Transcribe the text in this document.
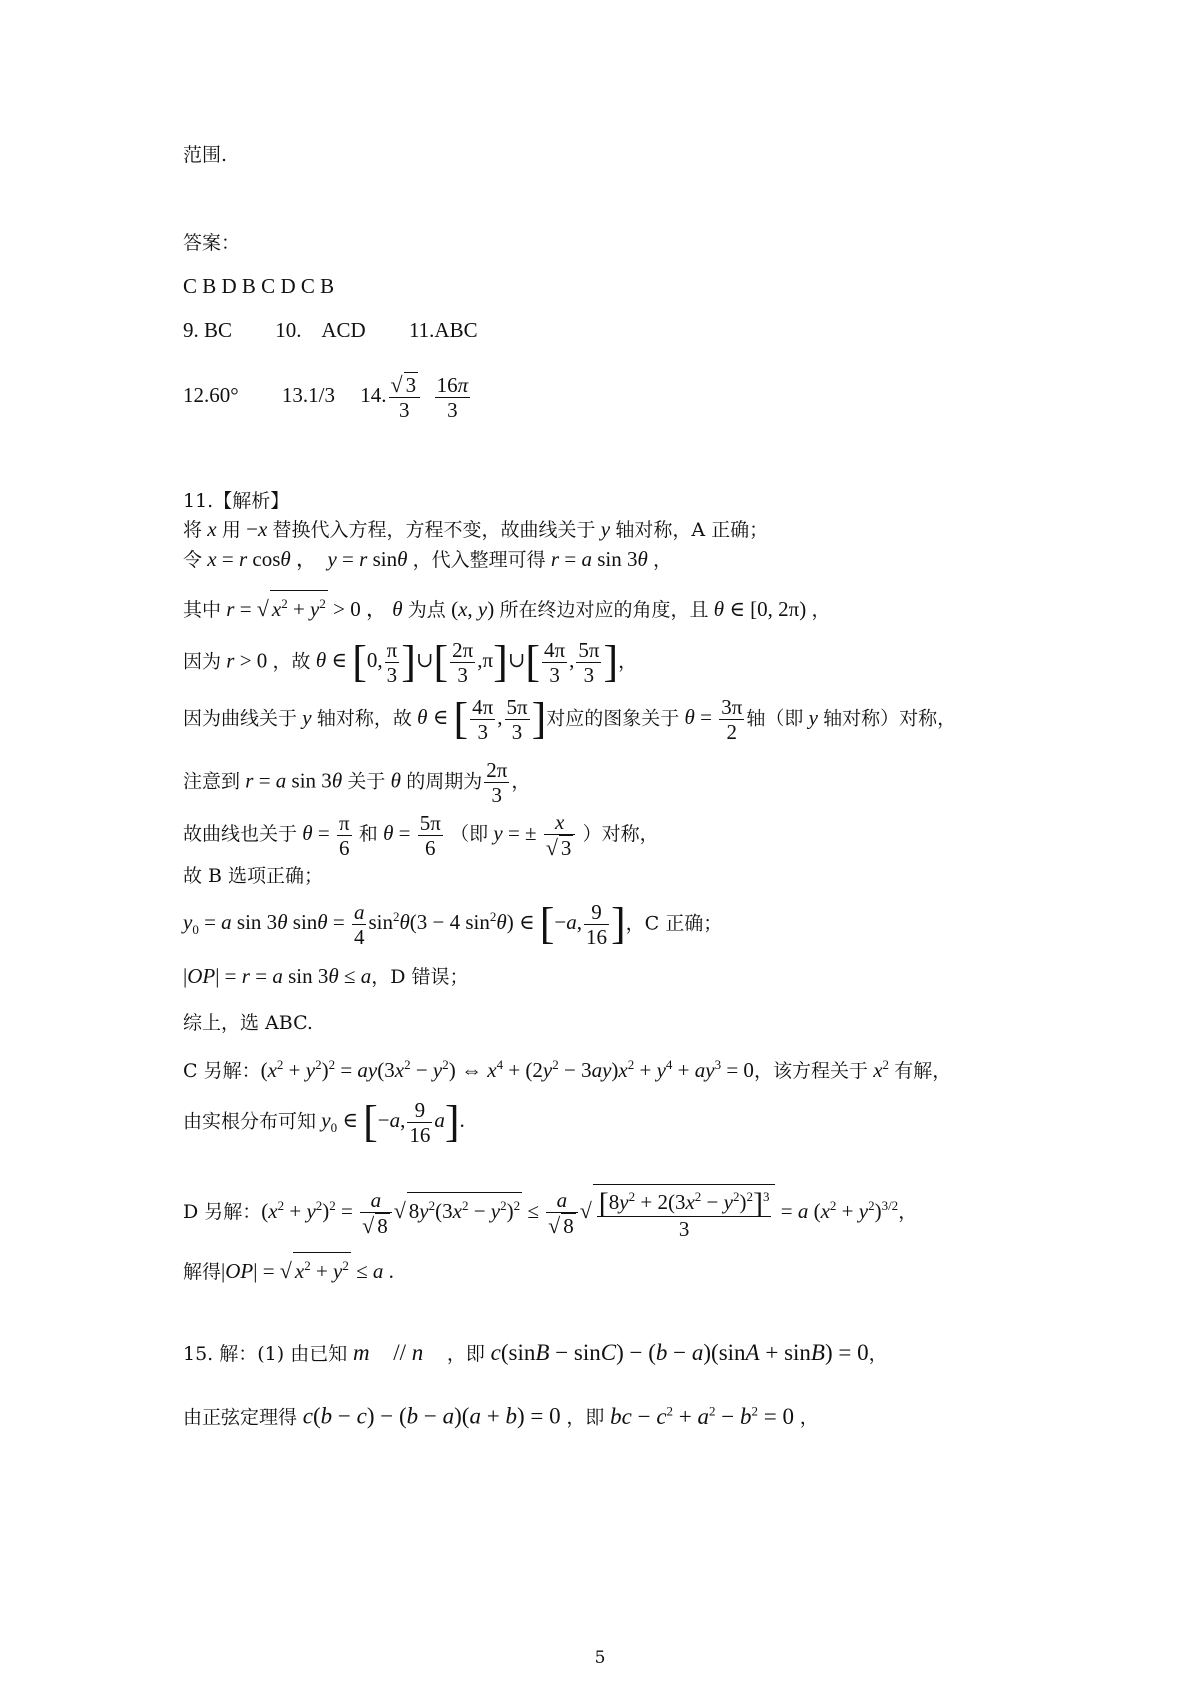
范围.
答案：
C B D B C D C B
9. BC 10. ACD 11.ABC
12.60° 13.1/3 14. $\frac{√ 3}{3}$
$\frac{16\pi}{3}$
11.【解析】
将 x 用 −x 替换代入方程，方程不变，故曲线关于 y 轴对称，A 正确；
令 x = r cosθ ，  y = r sinθ ，代入整理可得 r = a sin 3θ ，
其中 r = √ $x^2 + y^2 > 0$ ， θ 为点 (x, y) 所在终边对应的角度，且 θ ∈ [0, 2π) ，
因为 r > 0 ，故 θ ∈ [0, $\frac{\pi}{3}$ ]∪[ $\frac{2\pi}{3}$ ,π]∪[ $\frac{4\pi}{3}$ , $\frac{5\pi}{3}$ ]，
因为曲线关于 y 轴对称，故 θ ∈ [ $\frac{4\pi}{3}$ , $\frac{5\pi}{3}$ ]对应的图象关于 $\theta = \frac{3\pi}{2}$ 轴（即 y 轴对称）对称，
注意到 r = a sin 3θ 关于 θ 的周期为 $\frac{2\pi}{3}$ ，
故曲线也关于 $\theta = \frac{\pi}{6}$ 和 $\theta = \frac{5\pi}{6}$ （即 y = ± $\frac{x}{√ 3}$ ）对称，
故 B 选项正确；
$y_0 = a$ sin 3θ $\sin\theta = \frac{a}{4} \sin^2\theta(3 - 4$ $\sin^2\theta$) ∈ [−a, $\frac{9}{16}$ ]，C 正确；
|OP| = r = a sin 3θ ≤ a，D 错误；
综上，选 ABC.
C 另解：$(x^2 + y^2)^2 = ay(3x^2 - y^2)$ ⇔ $x^4 + (2y^2 - 3ay)x^2 + y^4 + ay^3 = 0$，该方程关于 $x^2$ 有解，
由实根分布可知 $y_0$ ∈ [−a, $\frac{9}{16} a$].
D 另解：$(x^2 + y^2)^2 = \frac{a}{√ 8}$ √ $8y^2(3x^2 - y^2)^2 \le \frac{a}{√ 8}$ √ $\frac{[8y^2 + 2(3x^2 - y^2)^2]^3}{3} = a$ $(x^2 + y^2)^{3/2}$，
解得|OP| = √ $x^2 + y^2 \le a$ .
15. 解：(1) 由已知 m⃗ // n⃗ ，即 c(sinB − sinC) − (b − a)(sinA + sinB) = 0，
由正弦定理得 c(b − c) − (b − a)(a + b) = 0 ，即 bc − $c^2 + a^2 - b^2 = 0$ ，
5
